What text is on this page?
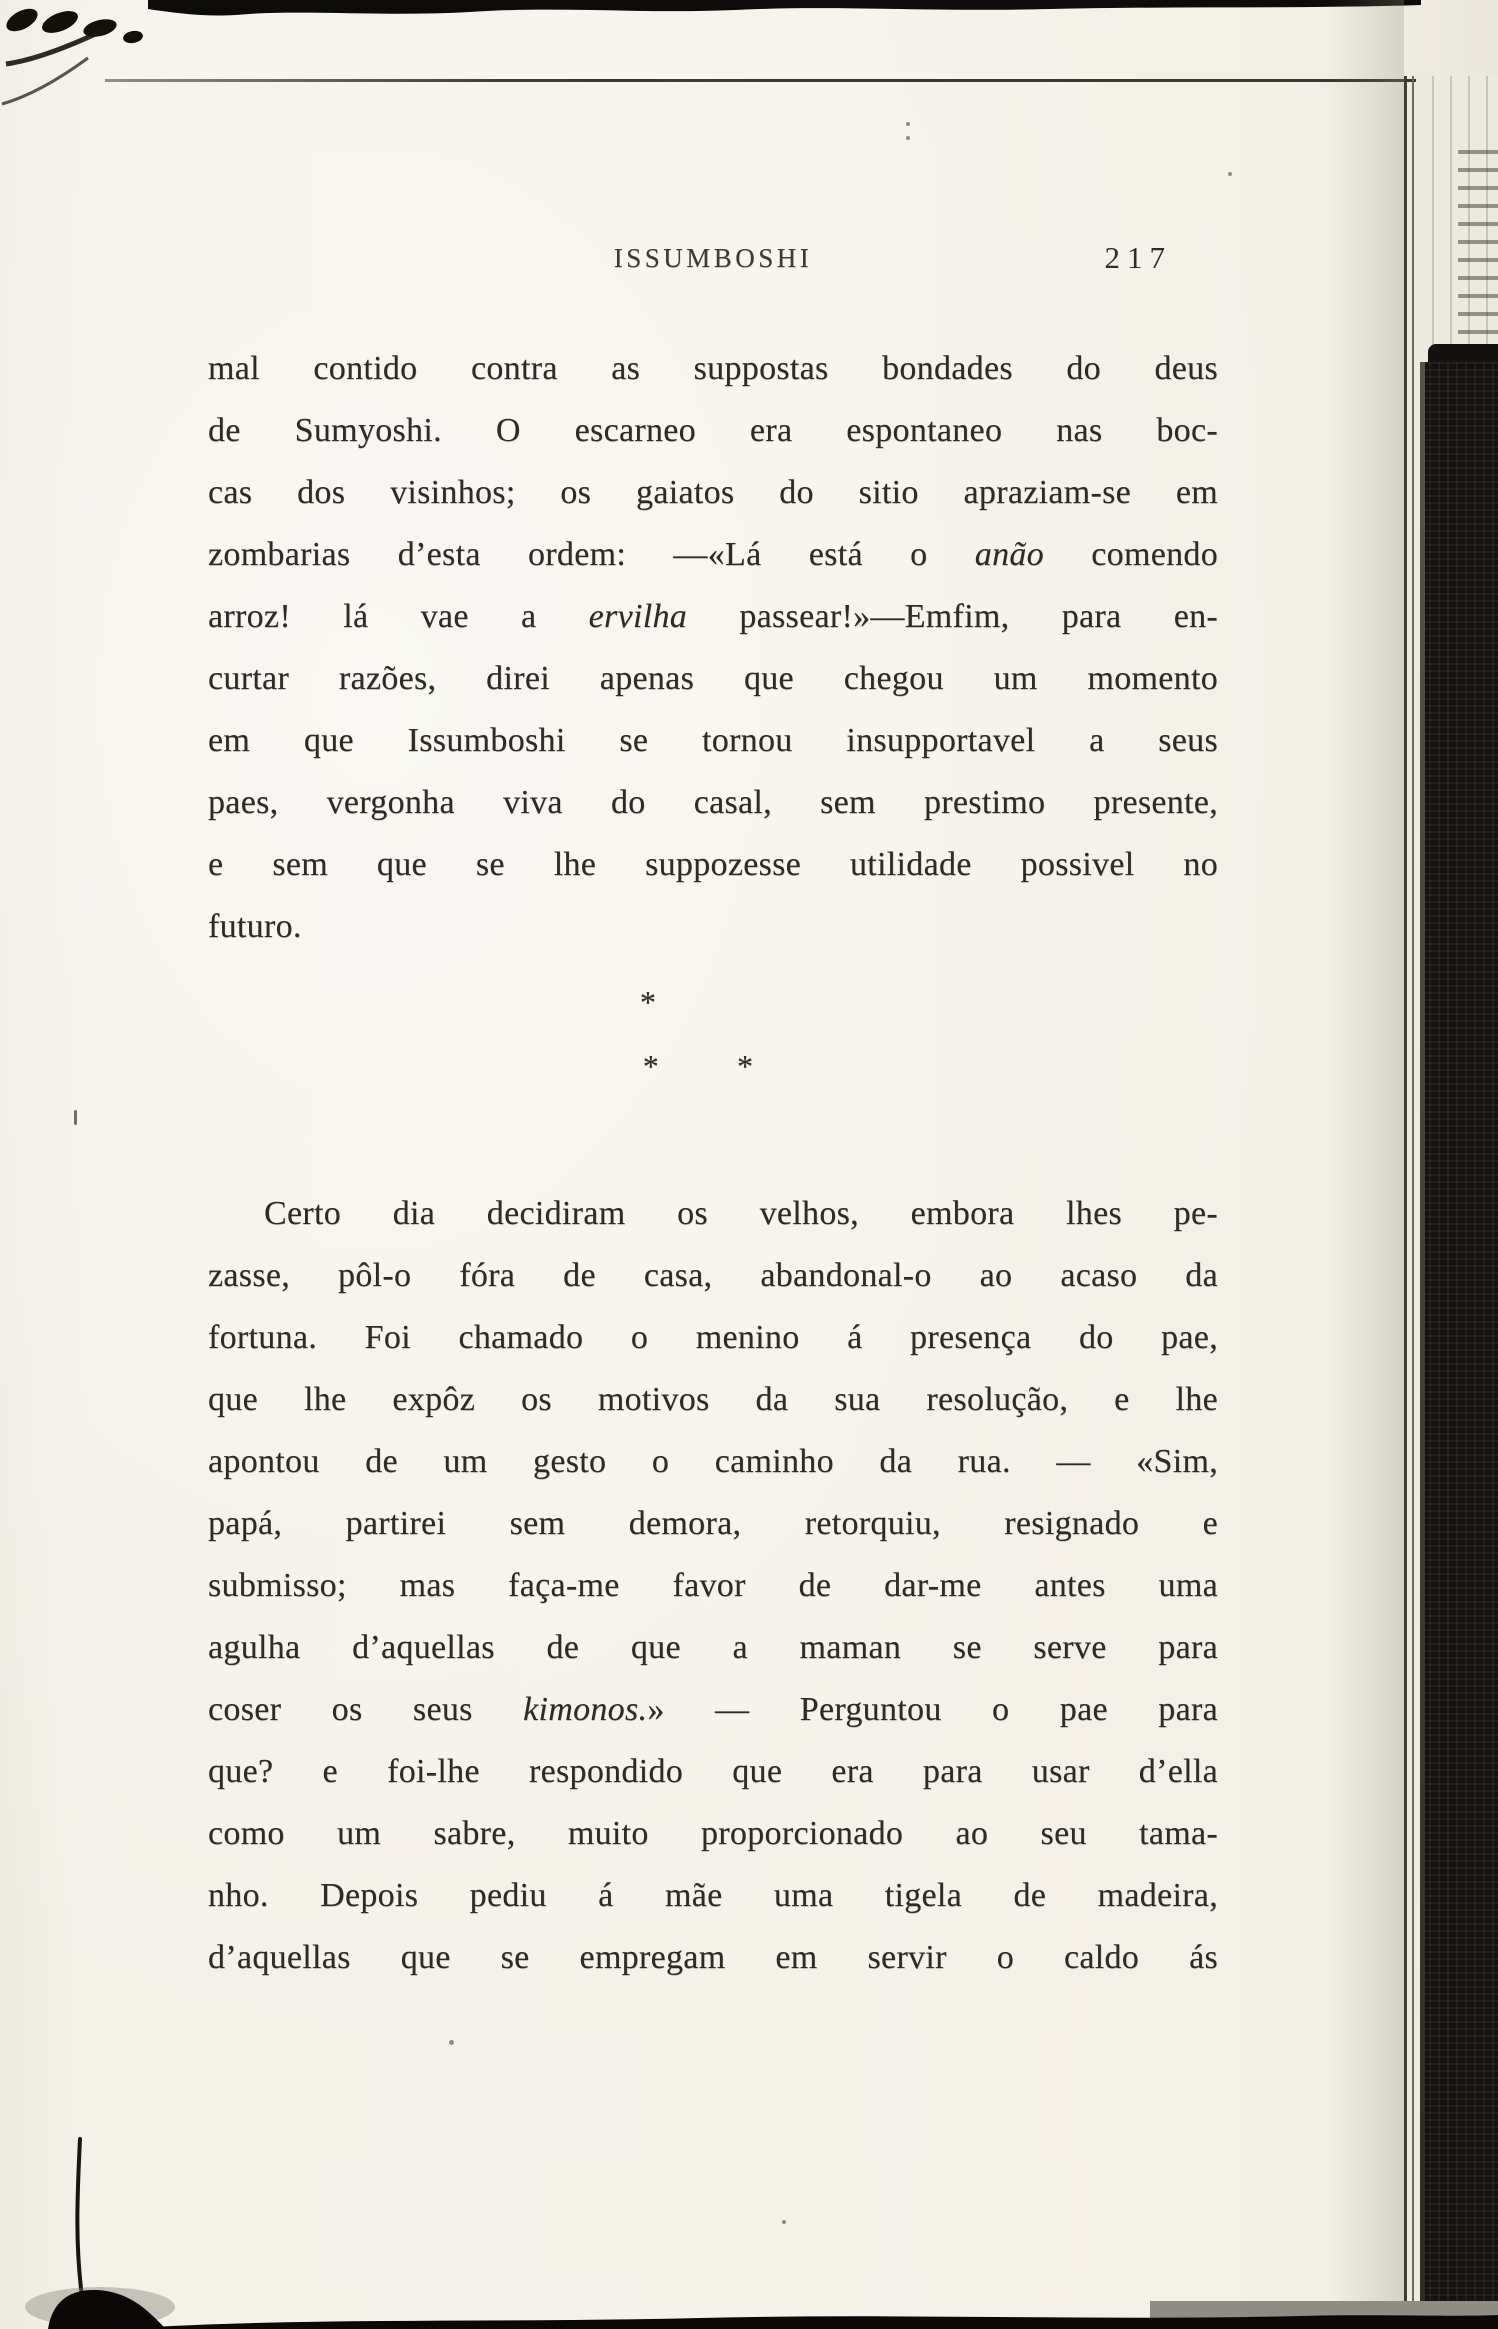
ISSUMBOSHI	217
mal contido contra as suppostas bondades do deus
de Sumyoshi. O escarneo era espontaneo nas boc-
cas dos visinhos; os gaiatos do sitio apraziam-se em
zombarias d’esta ordem: —«Lá está o anão comendo
arroz! lá vae a ervilha passear!»—Emfim, para en-
curtar razões, direi apenas que chegou um momento
em que Issumboshi se tornou insupportavel a seus
paes, vergonha viva do casal, sem prestimo presente,
e sem que se lhe suppozesse utilidade possivel no
futuro.
*
* *
Certo dia decidiram os velhos, embora lhes pe-
zasse, pôl-o fóra de casa, abandonal-o ao acaso da
fortuna. Foi chamado o menino á presença do pae,
que lhe expôz os motivos da sua resolução, e lhe
apontou de um gesto o caminho da rua. — «Sim,
papá, partirei sem demora, retorquiu, resignado e
submisso; mas faça-me favor de dar-me antes uma
agulha d’aquellas de que a maman se serve para
coser os seus kimonos.» — Perguntou o pae para
que? e foi-lhe respondido que era para usar d’ella
como um sabre, muito proporcionado ao seu tama-
nho. Depois pediu á mãe uma tigela de madeira,
d’aquellas que se empregam em servir o caldo ás
